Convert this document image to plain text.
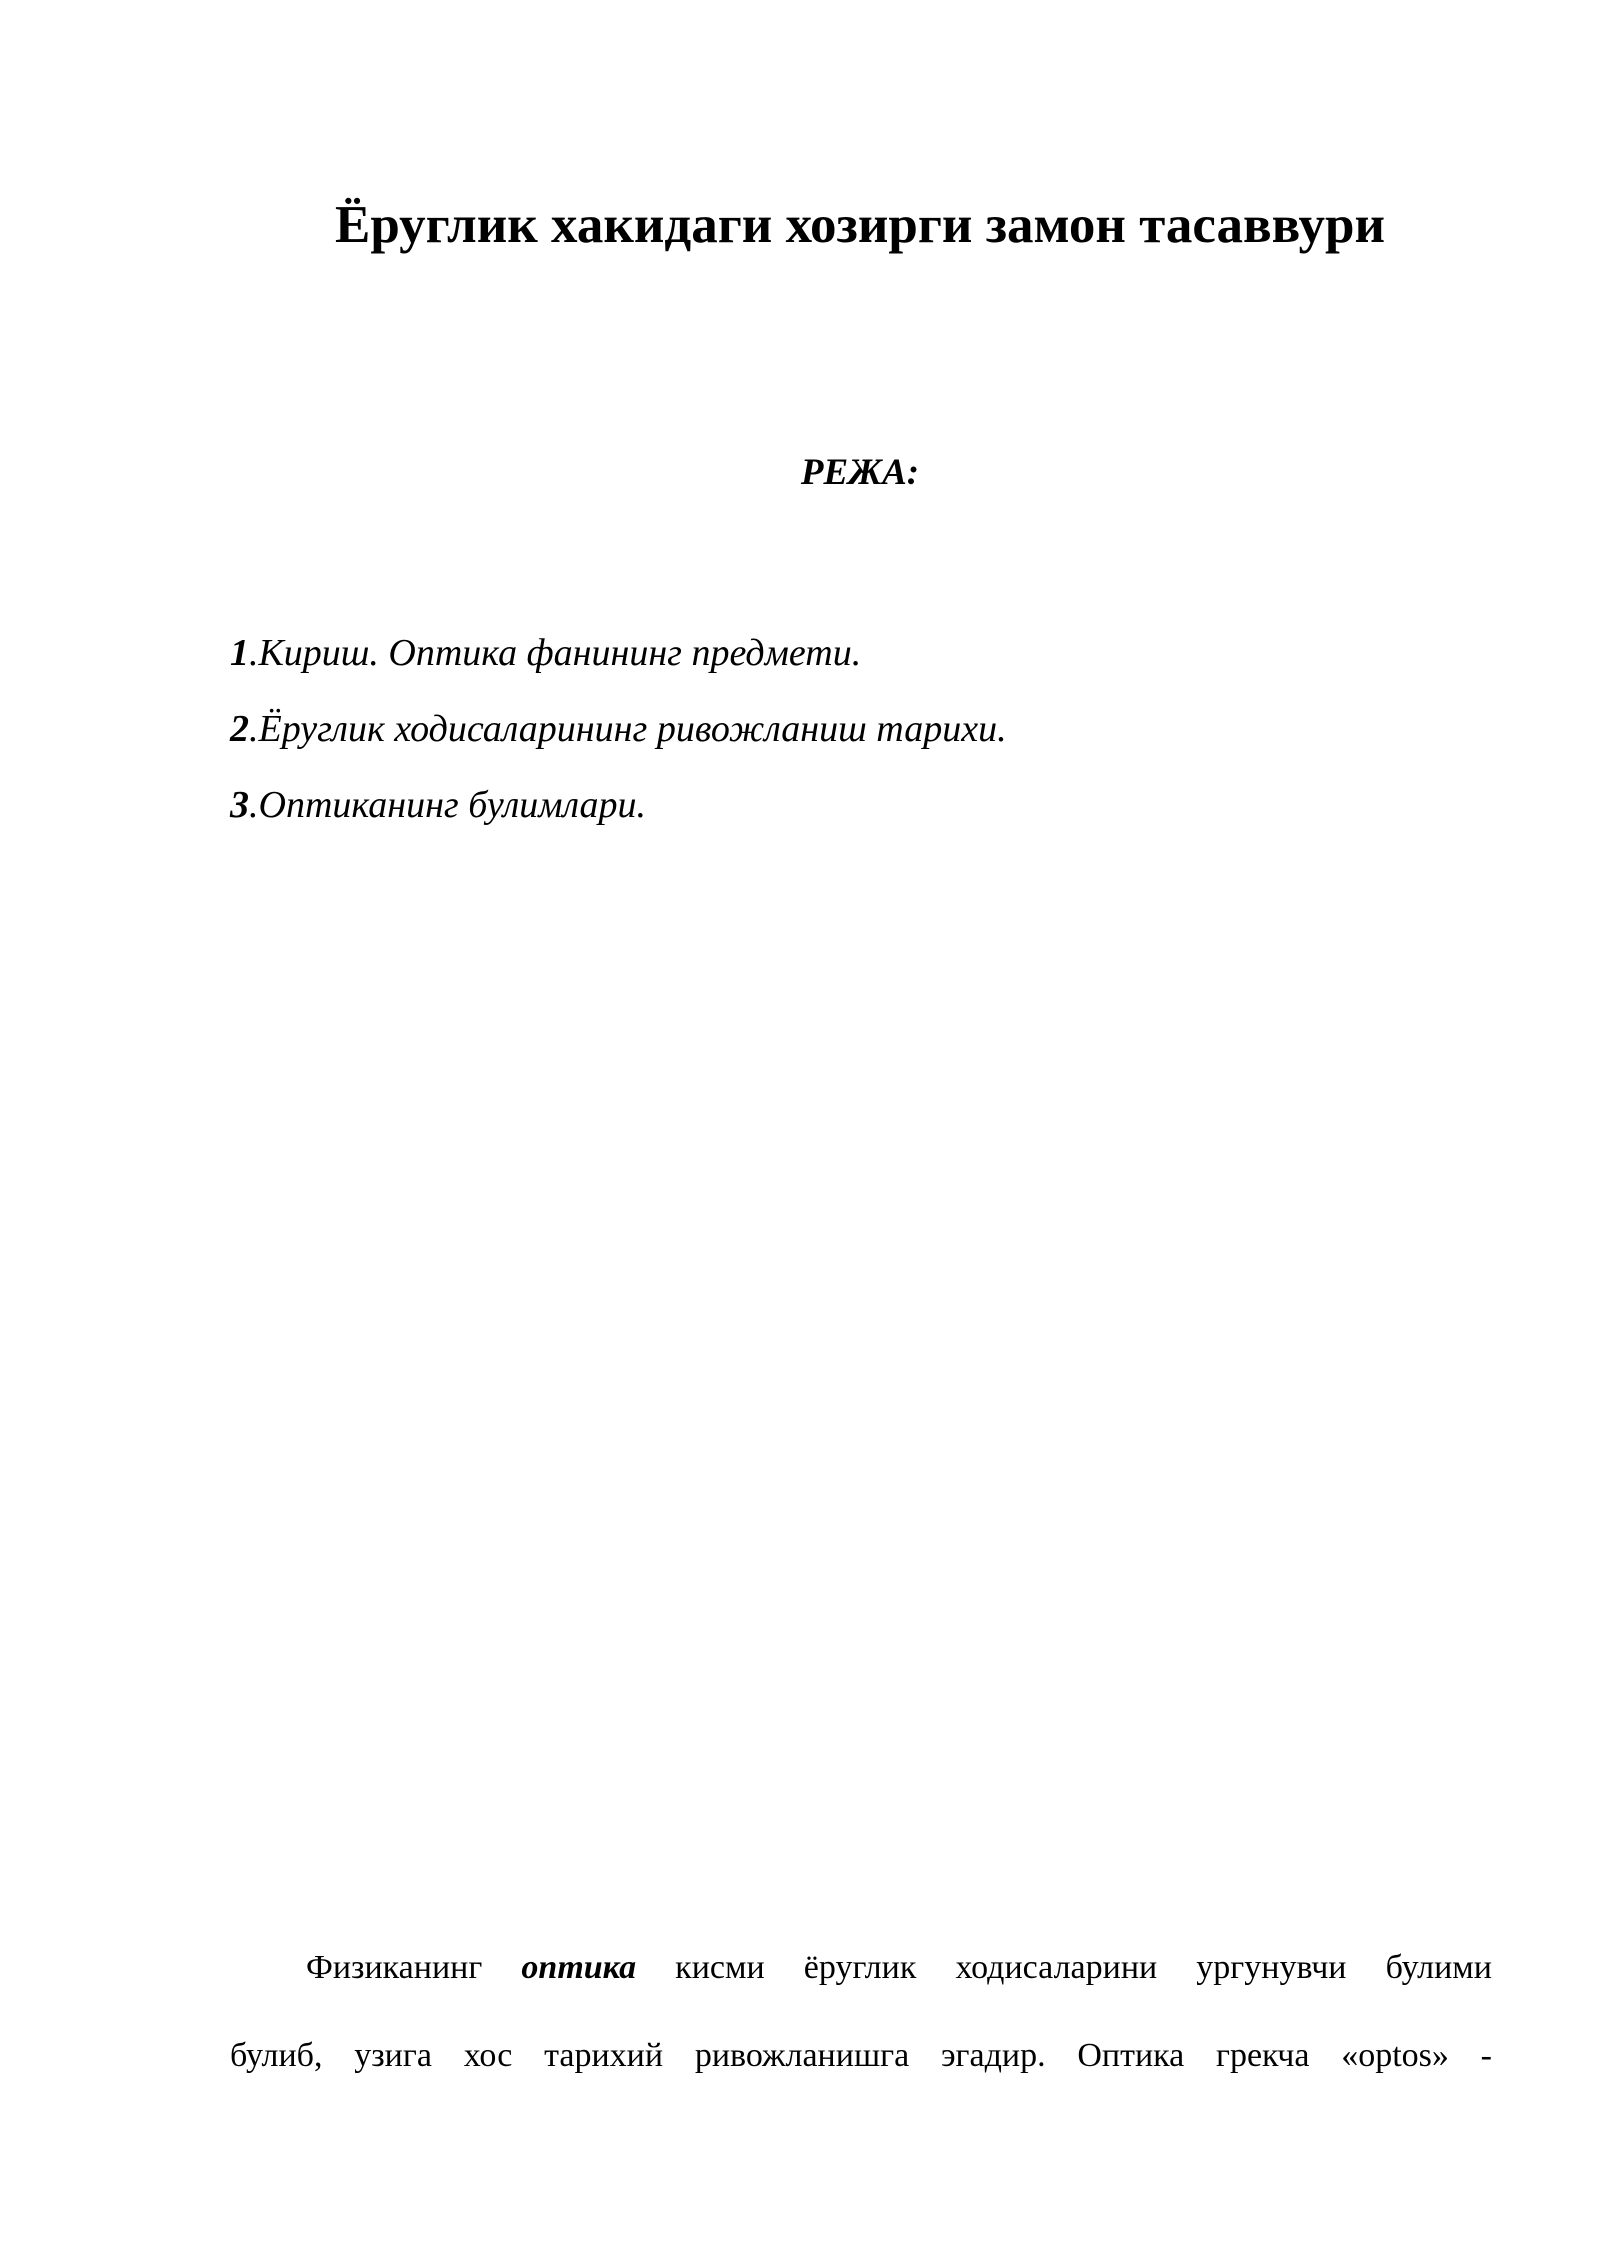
Ёруглик хакидаги хозирги замон тасаввури
РЕЖА:
1.Кириш. Оптика фанининг предмети.
2.Ёруглик ходисаларининг ривожланиш тарихи.
3.Оптиканинг булимлари.

Физиканинг оптика кисми ёруглик ходисаларини ургунувчи булими
булиб, узига хос тарихий ривожланишга эгадир. Оптика грекча «optos» -
